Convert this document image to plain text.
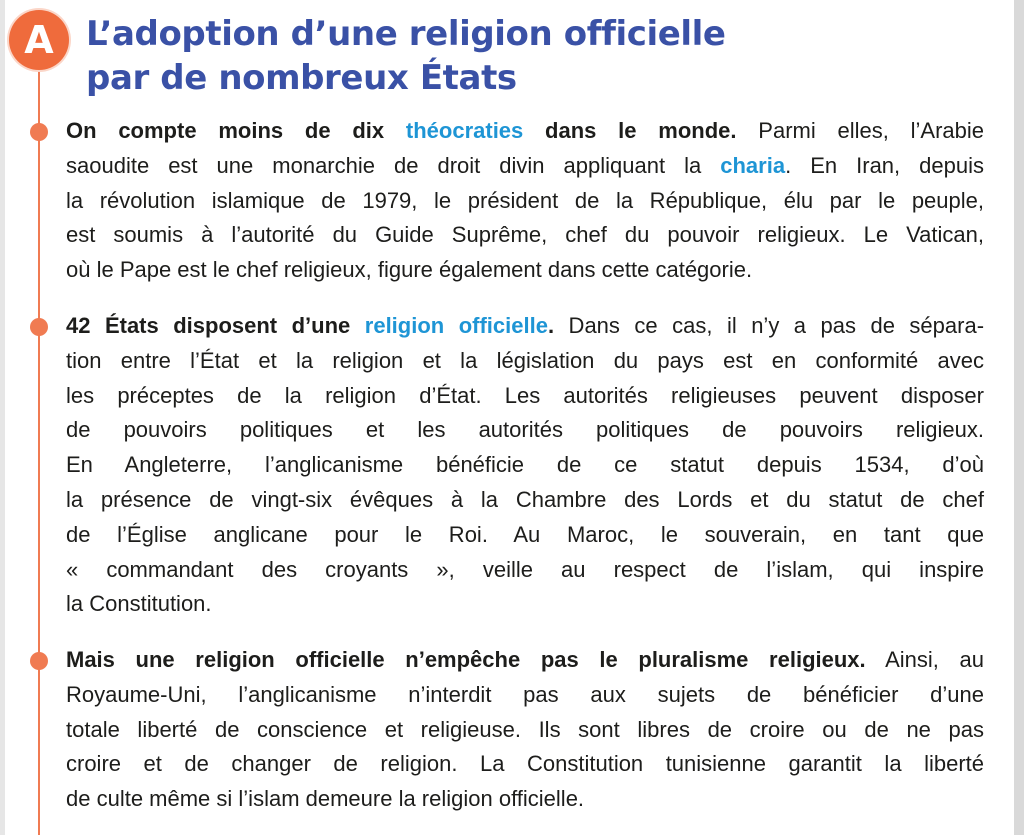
A L’adoption d’une religion officielle
par de nombreux États

On compte moins de dix théocraties dans le monde. Parmi elles, l’Arabie
saoudite est une monarchie de droit divin appliquant la charia. En Iran, depuis
la révolution islamique de 1979, le président de la République, élu par le peuple,
est soumis à l’autorité du Guide Suprême, chef du pouvoir religieux. Le Vatican,
où le Pape est le chef religieux, figure également dans cette catégorie.

42 États disposent d’une religion officielle. Dans ce cas, il n’y a pas de sépara-
tion entre l’État et la religion et la législation du pays est en conformité avec
les préceptes de la religion d’État. Les autorités religieuses peuvent disposer
de pouvoirs politiques et les autorités politiques de pouvoirs religieux.
En Angleterre, l’anglicanisme bénéficie de ce statut depuis 1534, d’où
la présence de vingt-six évêques à la Chambre des Lords et du statut de chef
de l’Église anglicane pour le Roi. Au Maroc, le souverain, en tant que
« commandant des croyants », veille au respect de l’islam, qui inspire
la Constitution.

Mais une religion officielle n’empêche pas le pluralisme religieux. Ainsi, au
Royaume-Uni, l’anglicanisme n’interdit pas aux sujets de bénéficier d’une
totale liberté de conscience et religieuse. Ils sont libres de croire ou de ne pas
croire et de changer de religion. La Constitution tunisienne garantit la liberté
de culte même si l’islam demeure la religion officielle.
